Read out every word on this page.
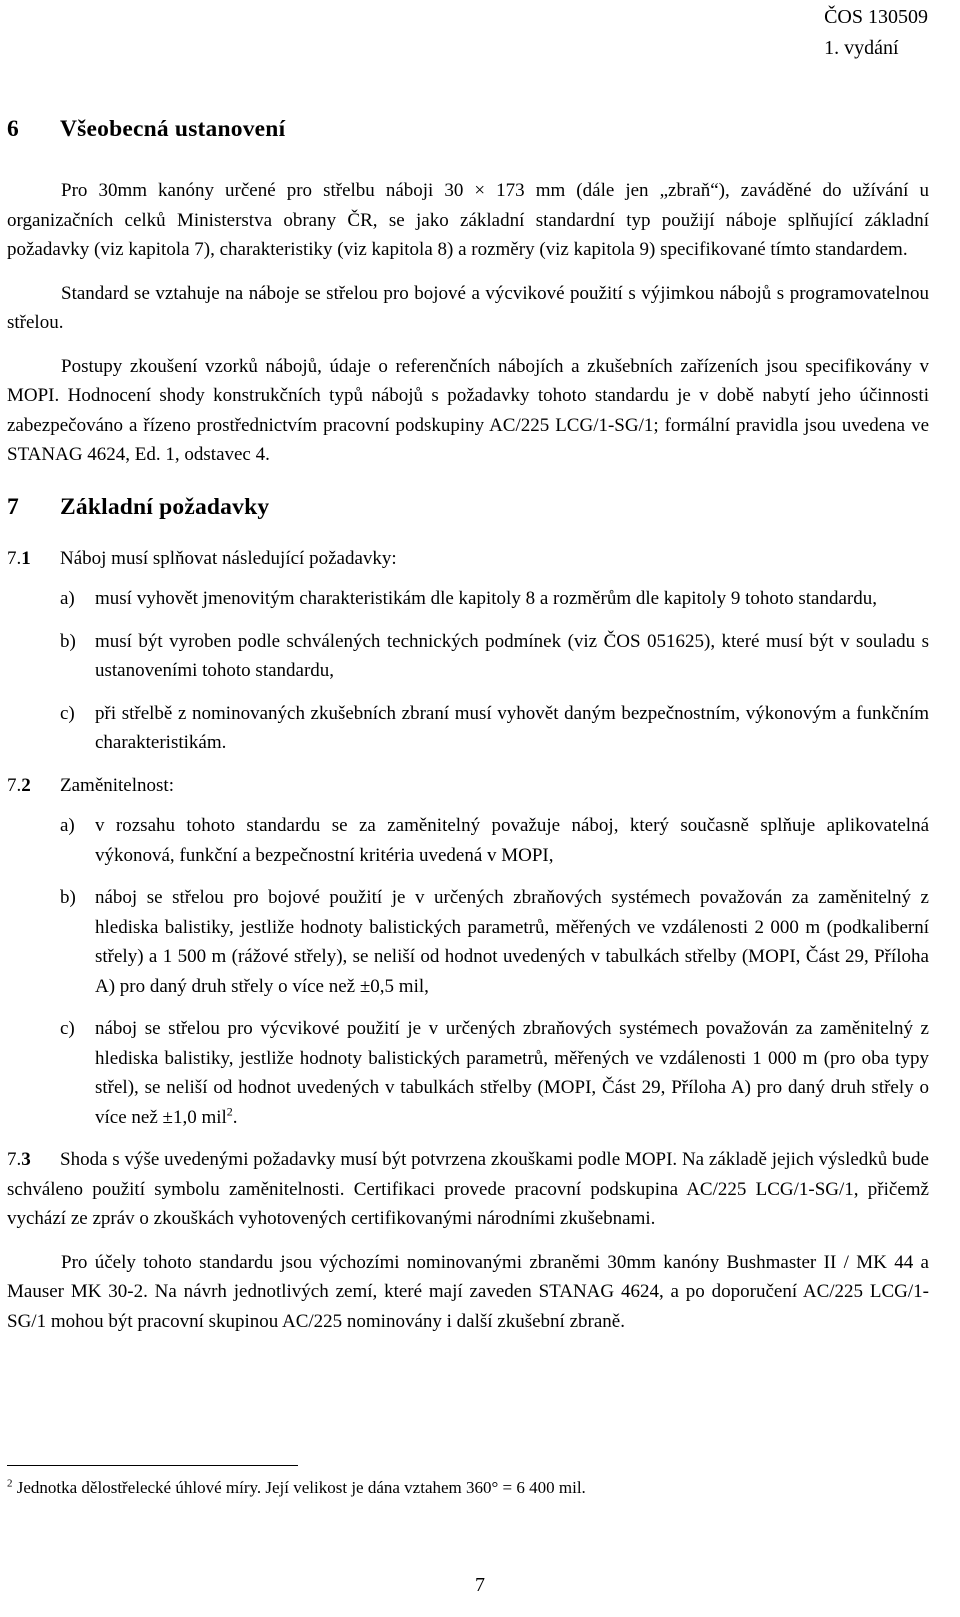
ČOS 130509
1. vydání
6 Všeobecná ustanovení

Pro 30mm kanóny určené pro střelbu náboji 30 × 173 mm (dále jen „zbraň“), zaváděné do užívání u organizačních celků Ministerstva obrany ČR, se jako základní standardní typ použijí náboje splňující základní požadavky (viz kapitola 7), charakteristiky (viz kapitola 8) a rozměry (viz kapitola 9) specifikované tímto standardem.

Standard se vztahuje na náboje se střelou pro bojové a výcvikové použití s výjimkou nábojů s programovatelnou střelou.

Postupy zkoušení vzorků nábojů, údaje o referenčních nábojích a zkušebních zařízeních jsou specifikovány v MOPI. Hodnocení shody konstrukčních typů nábojů s požadavky tohoto standardu je v době nabytí jeho účinnosti zabezpečováno a řízeno prostřednictvím pracovní podskupiny AC/225 LCG/1-SG/1; formální pravidla jsou uvedena ve STANAG 4624, Ed. 1, odstavec 4.

7 Základní požadavky
7.1	Náboj musí splňovat následující požadavky:
a)	musí vyhovět jmenovitým charakteristikám dle kapitoly 8 a rozměrům dle kapitoly 9 tohoto standardu,
b)	musí být vyroben podle schválených technických podmínek (viz ČOS 051625), které musí být v souladu s ustanoveními tohoto standardu,
c)	při střelbě z nominovaných zkušebních zbraní musí vyhovět daným bezpečnostním, výkonovým a funkčním charakteristikám.
7.2	Zaměnitelnost:
a)	v rozsahu tohoto standardu se za zaměnitelný považuje náboj, který současně splňuje aplikovatelná výkonová, funkční a bezpečnostní kritéria uvedená v MOPI,
b)	náboj se střelou pro bojové použití je v určených zbraňových systémech považován za zaměnitelný z hlediska balistiky, jestliže hodnoty balistických parametrů, měřených ve vzdálenosti 2 000 m (podkaliberní střely) a 1 500 m (rážové střely), se neliší od hodnot uvedených v tabulkách střelby (MOPI, Část 29, Příloha A) pro daný druh střely o více než ±0,5 mil,
c)	náboj se střelou pro výcvikové použití je v určených zbraňových systémech považován za zaměnitelný z hlediska balistiky, jestliže hodnoty balistických parametrů, měřených ve vzdálenosti 1 000 m (pro oba typy střel), se neliší od hodnot uvedených v tabulkách střelby (MOPI, Část 29, Příloha A) pro daný druh střely o více než ±1,0 mil$^2$.
7.3 Shoda s výše uvedenými požadavky musí být potvrzena zkouškami podle MOPI. Na základě jejich výsledků bude schváleno použití symbolu zaměnitelnosti. Certifikaci provede pracovní podskupina AC/225 LCG/1-SG/1, přičemž vychází ze zpráv o zkouškách vyhotovených certifikovanými národními zkušebnami.

Pro účely tohoto standardu jsou výchozími nominovanými zbraněmi 30mm kanóny Bushmaster II / MK 44 a Mauser MK 30-2. Na návrh jednotlivých zemí, které mají zaveden STANAG 4624, a po doporučení AC/225 LCG/1-SG/1 mohou být pracovní skupinou AC/225 nominovány i další zkušební zbraně.

$^2$ Jednotka dělostřelecké úhlové míry. Její velikost je dána vztahem 360° = 6 400 mil.
7
